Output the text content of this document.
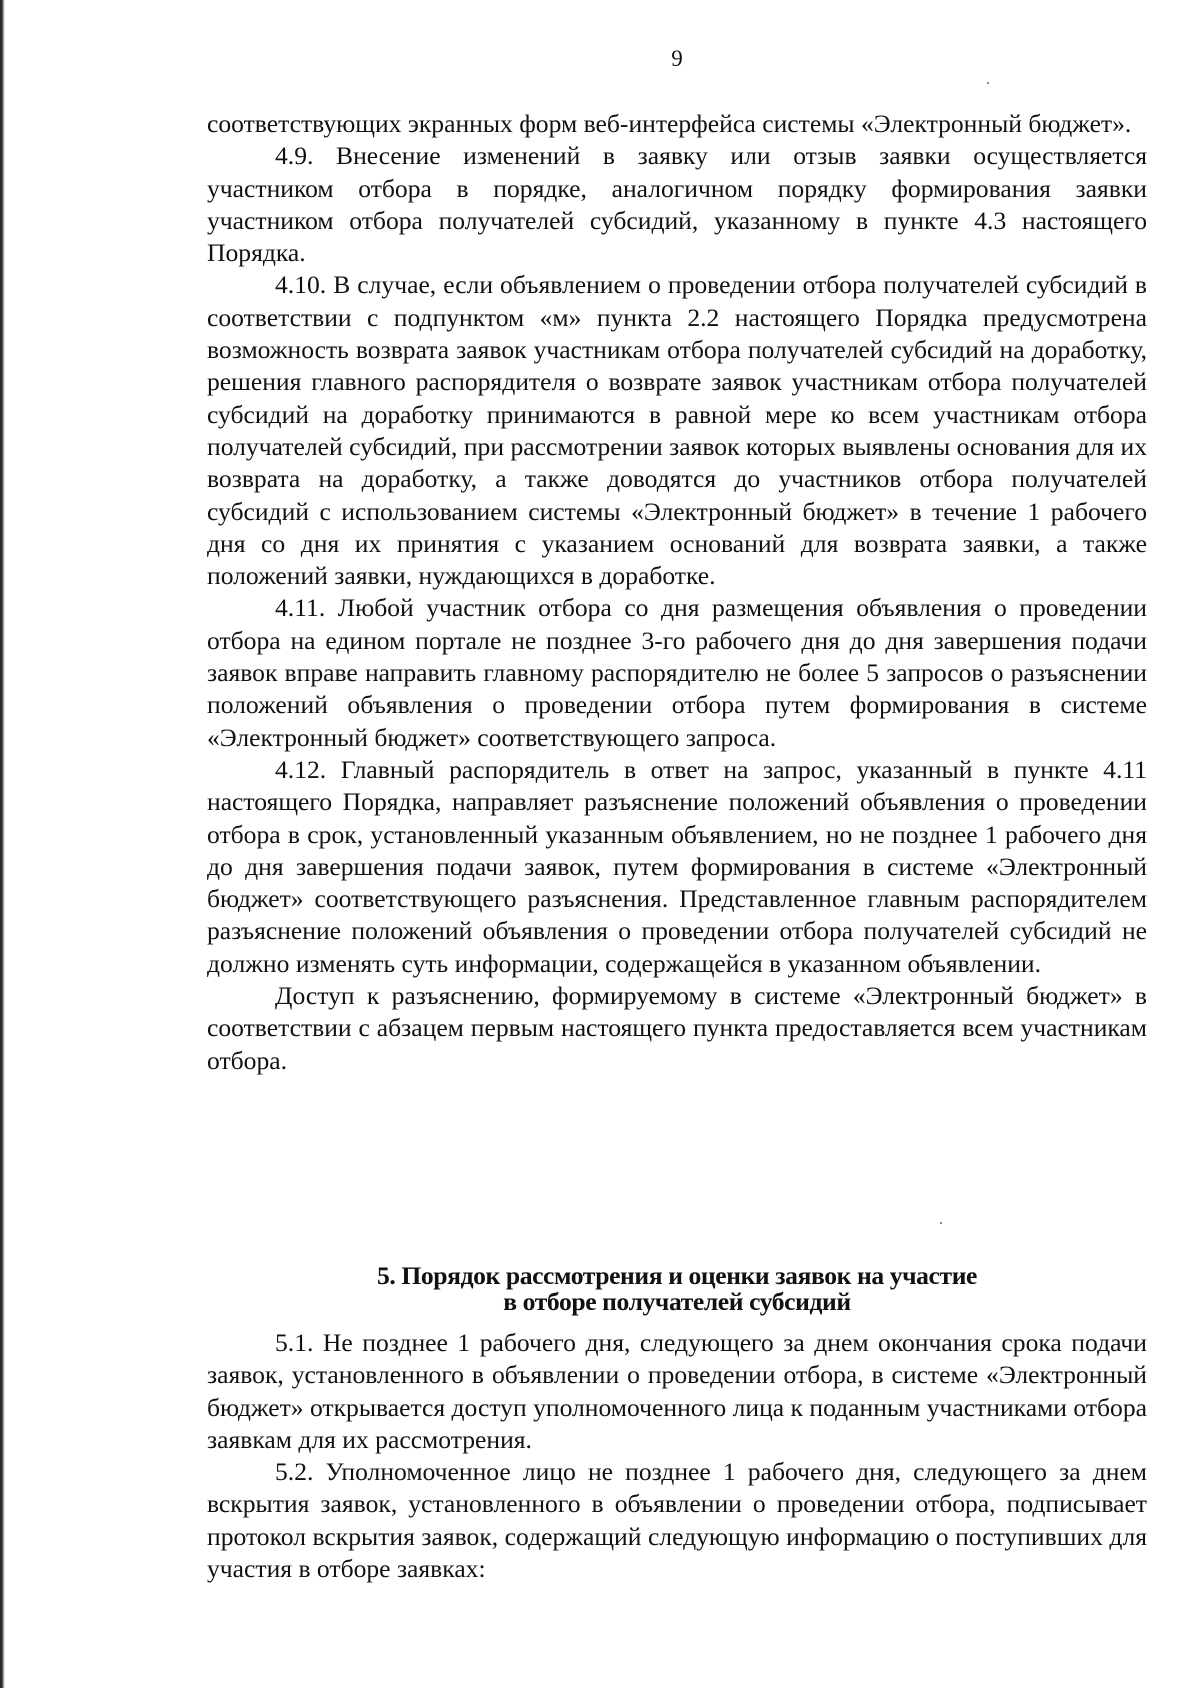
9

соответствующих экранных форм веб-интерфейса системы «Электронный бюджет».

4.9. Внесение изменений в заявку или отзыв заявки осуществляется участником отбора в порядке, аналогичном порядку формирования заявки участником отбора получателей субсидий, указанному в пункте 4.3 настоящего Порядка.

4.10. В случае, если объявлением о проведении отбора получателей субсидий в соответствии с подпунктом «м» пункта 2.2 настоящего Порядка предусмотрена возможность возврата заявок участникам отбора получателей субсидий на доработку, решения главного распорядителя о возврате заявок участникам отбора получателей субсидий на доработку принимаются в равной мере ко всем участникам отбора получателей субсидий, при рассмотрении заявок которых выявлены основания для их возврата на доработку, а также доводятся до участников отбора получателей субсидий с использованием системы «Электронный бюджет» в течение 1 рабочего дня со дня их принятия с указанием оснований для возврата заявки, а также положений заявки, нуждающихся в доработке.

4.11. Любой участник отбора со дня размещения объявления о проведении отбора на едином портале не позднее 3-го рабочего дня до дня завершения подачи заявок вправе направить главному распорядителю не более 5 запросов о разъяснении положений объявления о проведении отбора путем формирования в системе «Электронный бюджет» соответствующего запроса.

4.12. Главный распорядитель в ответ на запрос, указанный в пункте 4.11 настоящего Порядка, направляет разъяснение положений объявления о проведении отбора в срок, установленный указанным объявлением, но не позднее 1 рабочего дня до дня завершения подачи заявок, путем формирования в системе «Электронный бюджет» соответствующего разъяснения. Представленное главным распорядителем разъяснение положений объявления о проведении отбора получателей субсидий не должно изменять суть информации, содержащейся в указанном объявлении.

Доступ к разъяснению, формируемому в системе «Электронный бюджет» в соответствии с абзацем первым настоящего пункта предоставляется всем участникам отбора.

5. Порядок рассмотрения и оценки заявок на участие
в отборе получателей субсидий

5.1. Не позднее 1 рабочего дня, следующего за днем окончания срока подачи заявок, установленного в объявлении о проведении отбора, в системе «Электронный бюджет» открывается доступ уполномоченного лица к поданным участниками отбора заявкам для их рассмотрения.

5.2. Уполномоченное лицо не позднее 1 рабочего дня, следующего за днем вскрытия заявок, установленного в объявлении о проведении отбора, подписывает протокол вскрытия заявок, содержащий следующую информацию о поступивших для участия в отборе заявках:
